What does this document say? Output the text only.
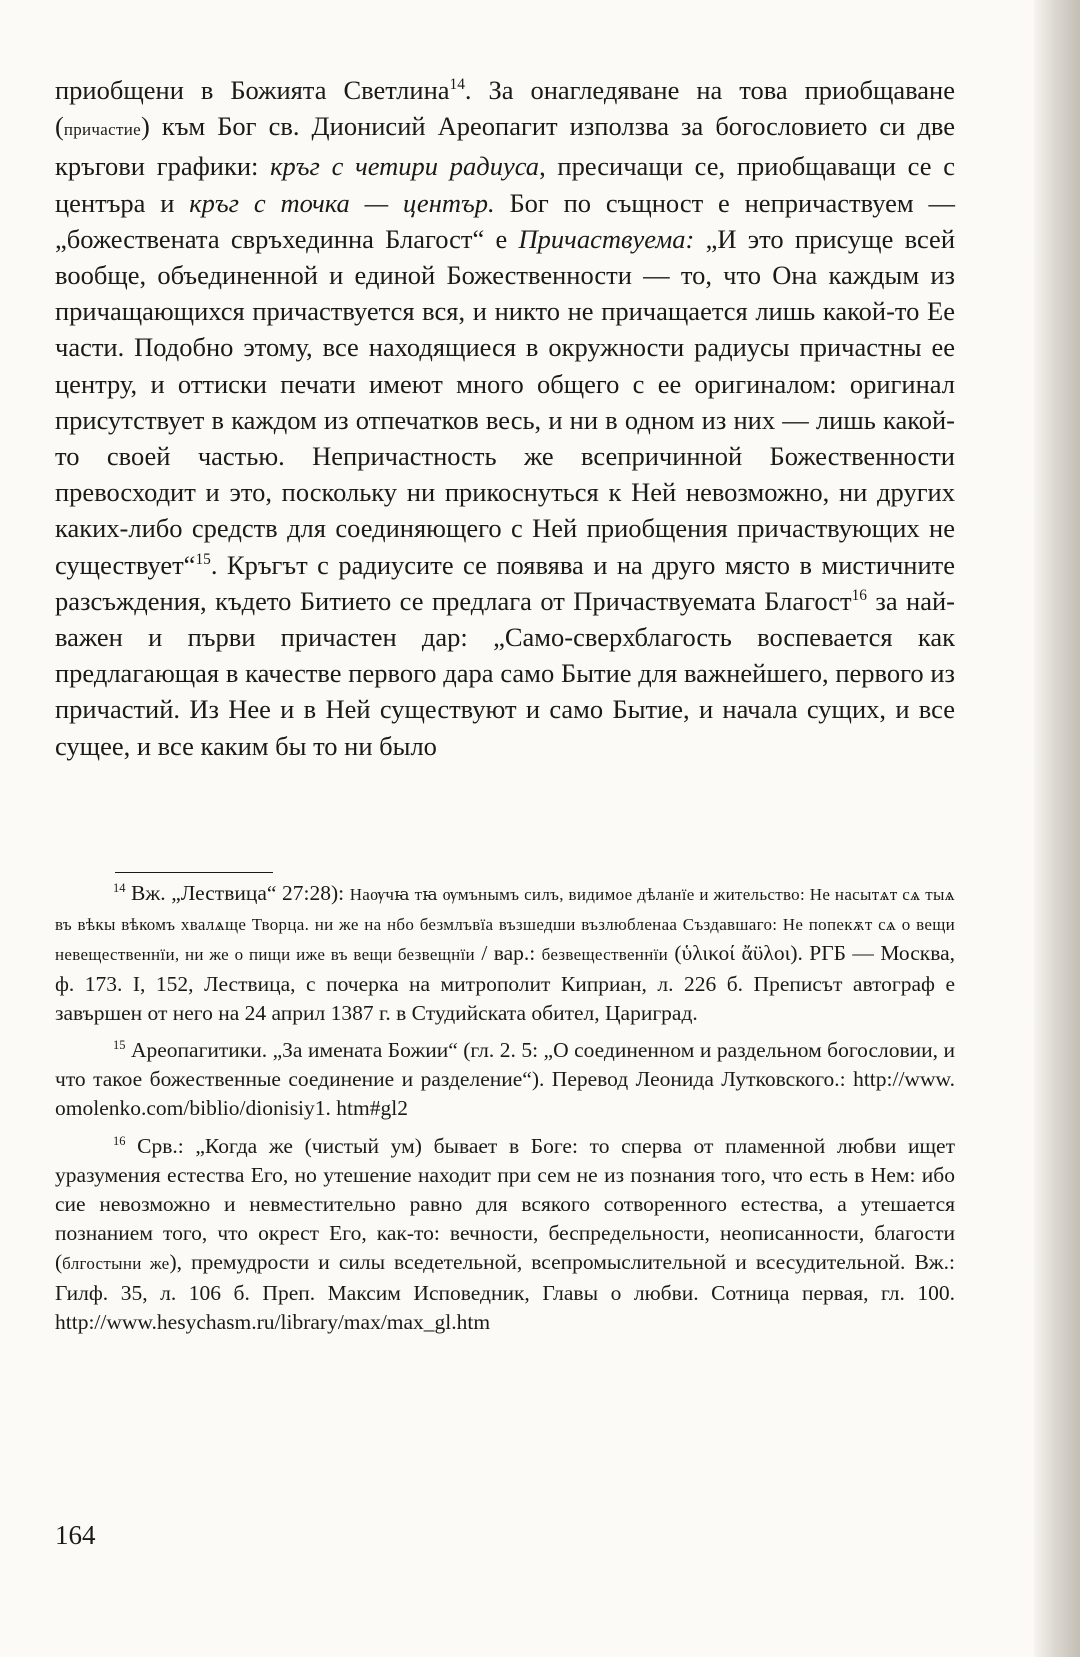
приобщени в Божията Светлина$^{14}$. За онагледяване на това приобщаване (причастие) към Бог св. Дионисий Ареопагит използва за богословието си две кръгови графики: кръг с четири радиуса, пресичащи се, приобщаващи се с центъра и кръг с точка — център. Бог по същност е непричаствуем — „божествената свръхединна Благост“ е Причаствуема: „И это присуще всей вообще, объединенной и единой Божественности — то, что Она каждым из причащающихся причаствуется вся, и никто не причащается лишь какой-то Ее части. Подобно этому, все находящиеся в окружности радиусы причастны ее центру, и оттиски печати имеют много общего с ее оригиналом: оригинал присутствует в каждом из отпечатков весь, и ни в одном из них — лишь какой-то своей частью. Непричастность же всепричинной Божественности превосходит и это, поскольку ни прикоснуться к Ней невозможно, ни других каких-либо средств для соединяющего с Ней приобщения причаствующих не существует“$^{15}$. Кръгът с радиусите се появява и на друго място в мистичните разсъждения, където Битието се предлага от Причаствуемата Благост$^{16}$ за най-важен и първи причастен дар: „Само-сверхблагость воспевается как предлагающая в качестве первого дара само Бытие для важнейшего, первого из причастий. Из Нее и в Ней существуют и само Бытие, и начала сущих, и все сущее, и все каким бы то ни было

$^{14}$ Вж. „Лествица“ 27:28): Наѹчꙗ тꙗ ѹмънымъ силъ, видимое дѣланїе и жительство: Не насытѧт сѧ тыѧ въ вѣкы вѣкомъ хвалѧще Творца. ни же на нбо безмлъвїа възшедши възлюбленаа Създавшаго: Не попекѫт сѧ о вещи невещественнїи, ни же о пищи иже въ вещи безвещнїи / вар.: безвещественнїи (ὑλικοί ἄϋλοι). РГБ — Москва, ф. 173. I, 152, Лествица, с почерка на митрополит Киприан, л. 226 б. Преписът автограф е завършен от него на 24 април 1387 г. в Студийската обител, Цариград.

$^{15}$ Ареопагитики. „За имената Божии“ (гл. 2. 5: „О соединенном и раздельном богословии, и что такое божественные соединение и разделение“). Перевод Леонида Лутковского.: http://www. omolenko.com/biblio/dionisiy1. htm#gl2

$^{16}$ Срв.: „Когда же (чистый ум) бывает в Боге: то сперва от пламенной любви ищет уразумения естества Его, но утешение находит при сем не из познания того, что есть в Нем: ибо сие невозможно и невместительно равно для всякого сотворенного естества, а утешается познанием того, что окрест Его, как-то: вечности, беспредельности, неописанности, благости (блгостыни же), премудрости и силы вседетельной, всепромыслительной и всесудительной. Вж.: Гилф. 35, л. 106 б. Преп. Максим Исповедник, Главы о любви. Сотница первая, гл. 100. http://www.hesychasm.ru/library/max/max_gl.htm

164
